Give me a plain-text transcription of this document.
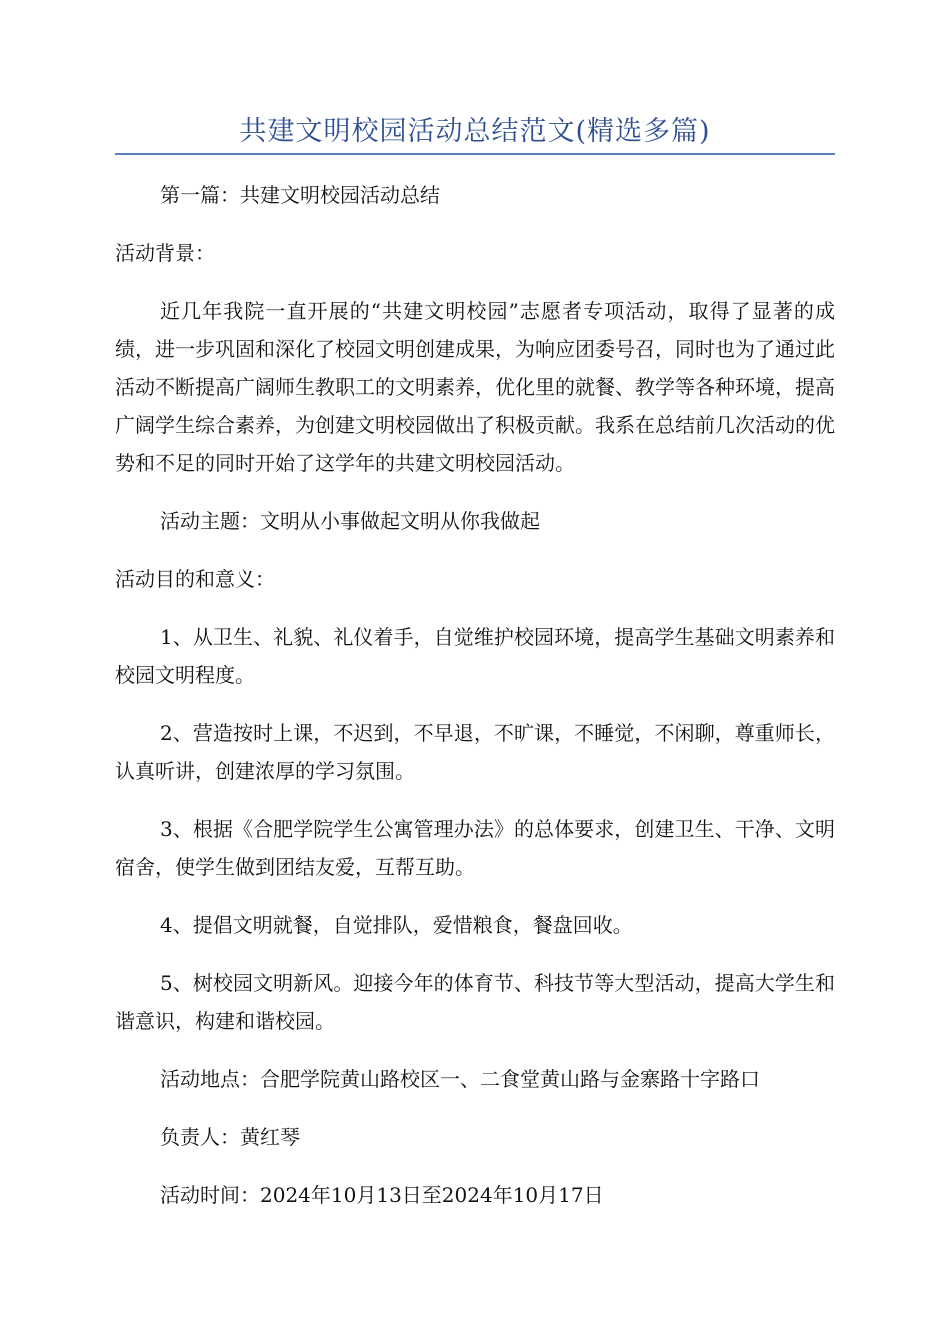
共建文明校园活动总结范文(精选多篇)

第一篇：共建文明校园活动总结

活动背景：

近几年我院一直开展的“共建文明校园”志愿者专项活动，取得了显著的成绩，进一步巩固和深化了校园文明创建成果，为响应团委号召，同时也为了通过此活动不断提高广阔师生教职工的文明素养，优化里的就餐、教学等各种环境，提高广阔学生综合素养，为创建文明校园做出了积极贡献。我系在总结前几次活动的优势和不足的同时开始了这学年的共建文明校园活动。

活动主题：文明从小事做起文明从你我做起

活动目的和意义：

1、从卫生、礼貌、礼仪着手，自觉维护校园环境，提高学生基础文明素养和校园文明程度。

2、营造按时上课，不迟到，不早退，不旷课，不睡觉，不闲聊，尊重师长，认真听讲，创建浓厚的学习氛围。

3、根据《合肥学院学生公寓管理办法》的总体要求，创建卫生、干净、文明宿舍，使学生做到团结友爱，互帮互助。

4、提倡文明就餐，自觉排队，爱惜粮食，餐盘回收。

5、树校园文明新风。迎接今年的体育节、科技节等大型活动，提高大学生和谐意识，构建和谐校园。

活动地点：合肥学院黄山路校区一、二食堂黄山路与金寨路十字路口

负责人：黄红琴

活动时间：2024年10月13日至2024年10月17日
